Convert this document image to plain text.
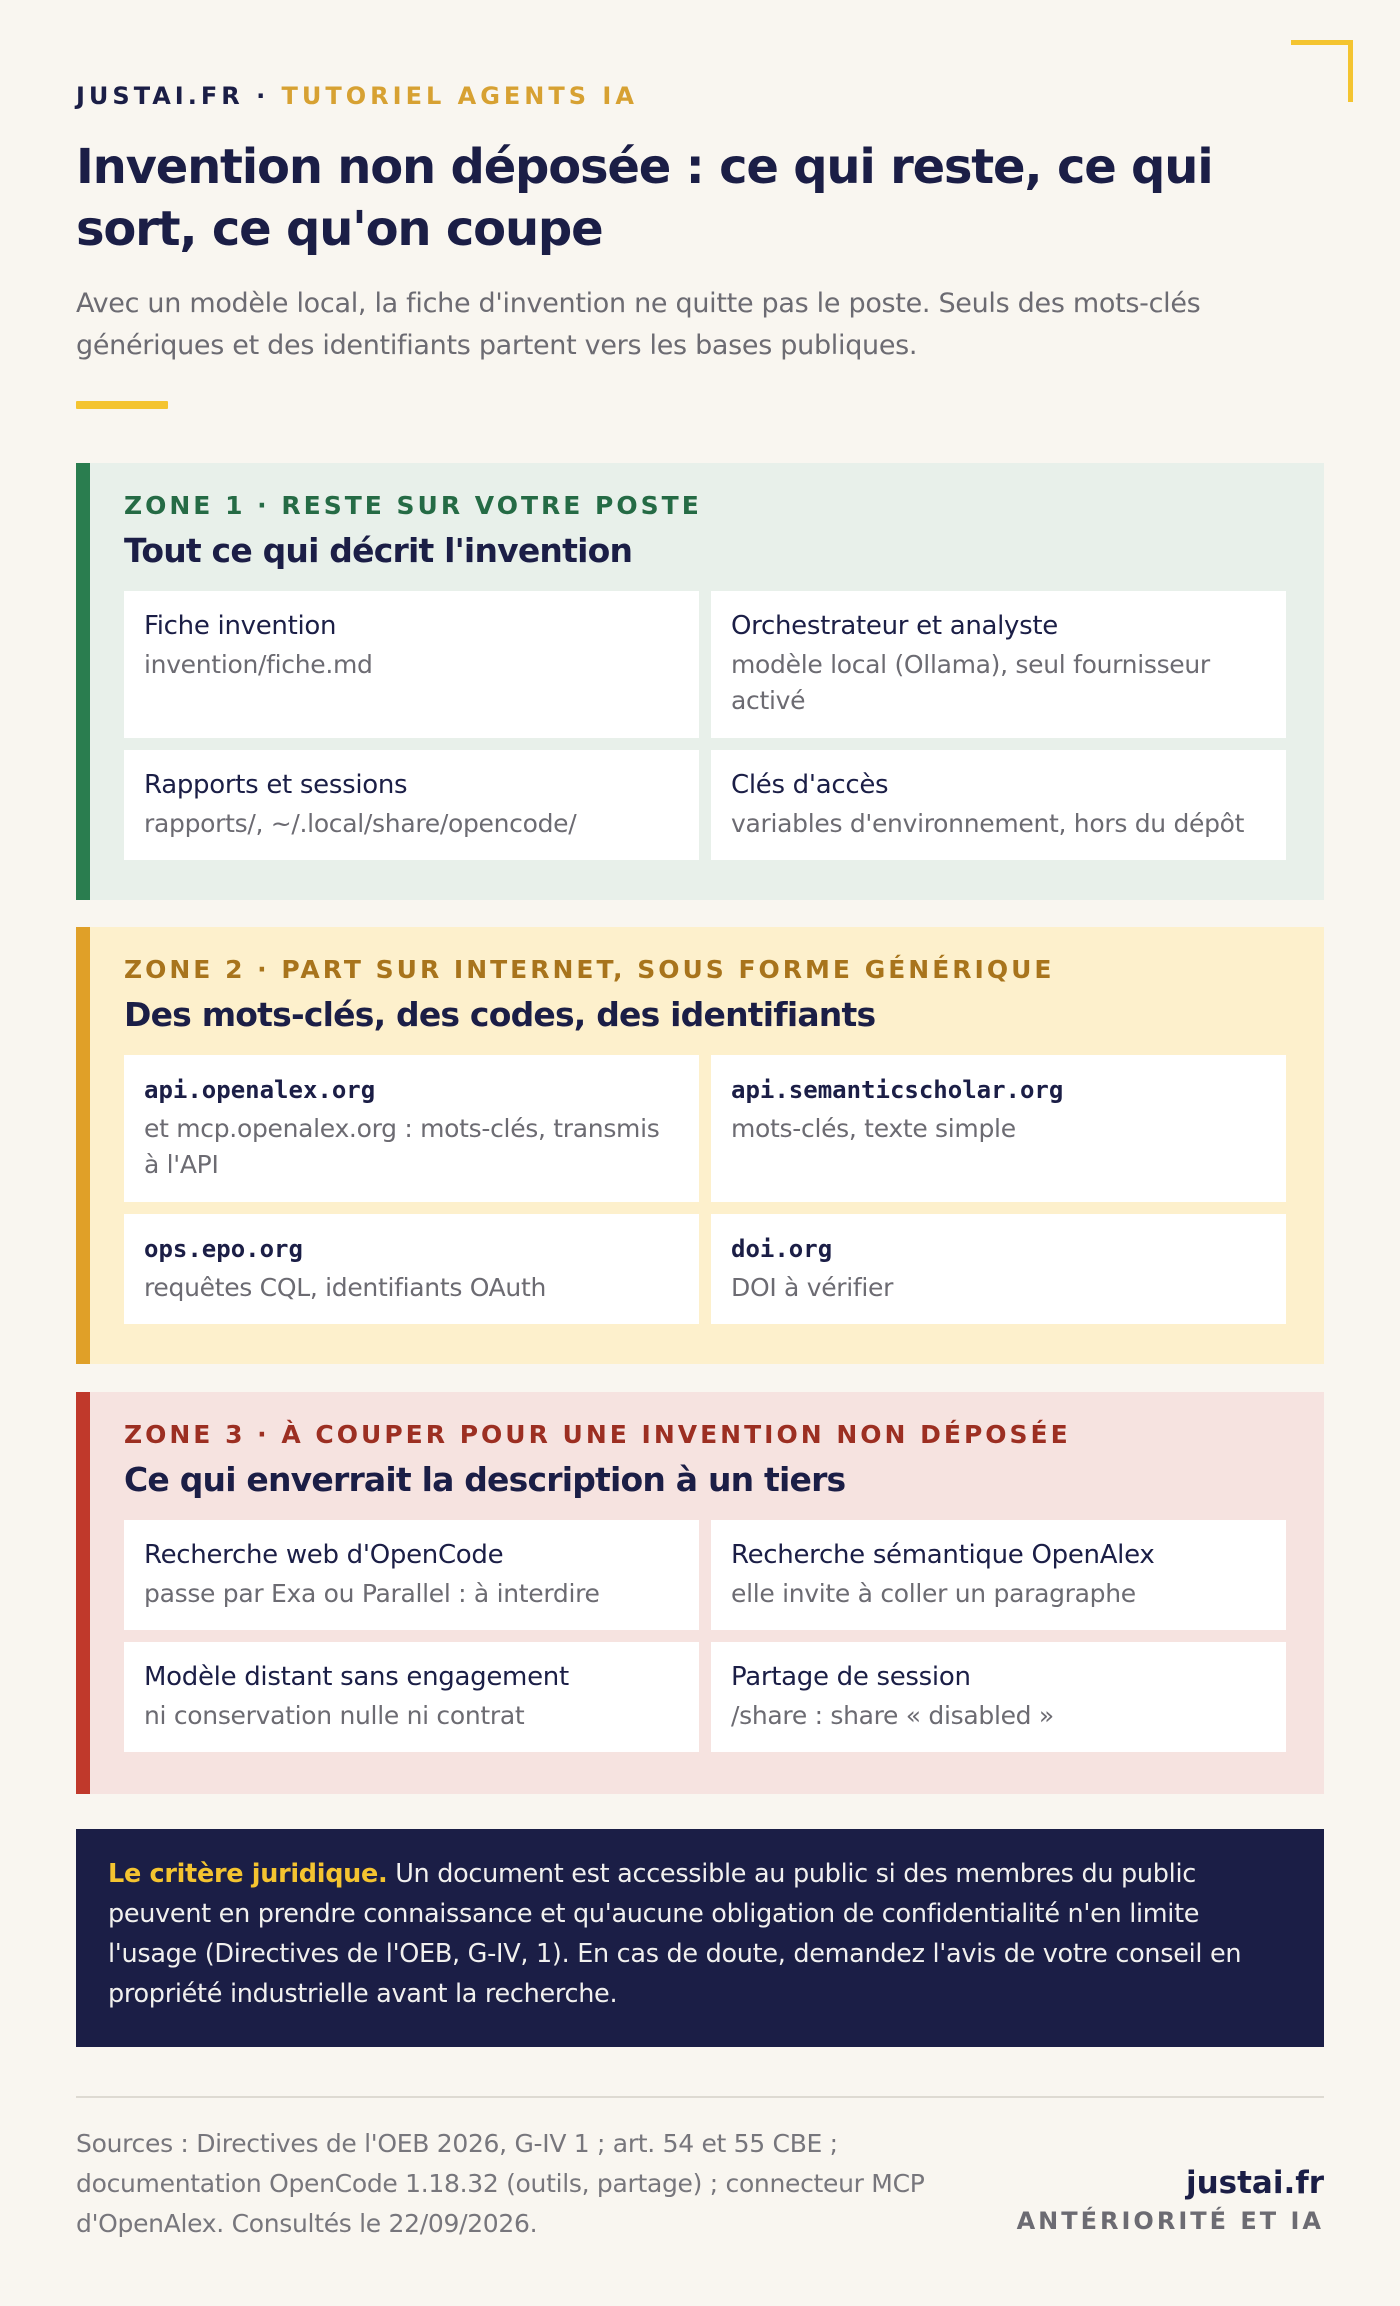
JUSTAI.FR · TUTORIEL AGENTS IA
Invention non déposée : ce qui reste, ce qui sort, ce qu'on coupe

Avec un modèle local, la fiche d'invention ne quitte pas le poste. Seuls des mots-clés génériques et des identifiants partent vers les bases publiques.

ZONE 1 · RESTE SUR VOTRE POSTE
Tout ce qui décrit l'invention
Fiche invention
invention/fiche.md
Orchestrateur et analyste
modèle local (Ollama), seul fournisseur activé
Rapports et sessions
rapports/, ~/.local/share/opencode/
Clés d'accès
variables d'environnement, hors du dépôt
ZONE 2 · PART SUR INTERNET, SOUS FORME GÉNÉRIQUE
Des mots-clés, des codes, des identifiants
api.openalex.org
et mcp.openalex.org : mots-clés, transmis à l'API
api.semanticscholar.org
mots-clés, texte simple
ops.epo.org
requêtes CQL, identifiants OAuth
doi.org
DOI à vérifier
ZONE 3 · À COUPER POUR UNE INVENTION NON DÉPOSÉE
Ce qui enverrait la description à un tiers
Recherche web d'OpenCode
passe par Exa ou Parallel : à interdire
Recherche sémantique OpenAlex
elle invite à coller un paragraphe
Modèle distant sans engagement
ni conservation nulle ni contrat
Partage de session
/share : share « disabled »
Le critère juridique. Un document est accessible au public si des membres du public peuvent en prendre connaissance et qu'aucune obligation de confidentialité n'en limite l'usage (Directives de l'OEB, G-IV, 1). En cas de doute, demandez l'avis de votre conseil en propriété industrielle avant la recherche.

Sources : Directives de l'OEB 2026, G-IV 1 ; art. 54 et 55 CBE ; documentation OpenCode 1.18.32 (outils, partage) ; connecteur MCP d'OpenAlex. Consultés le 22/09/2026.

justai.fr
ANTÉRIORITÉ ET IA
